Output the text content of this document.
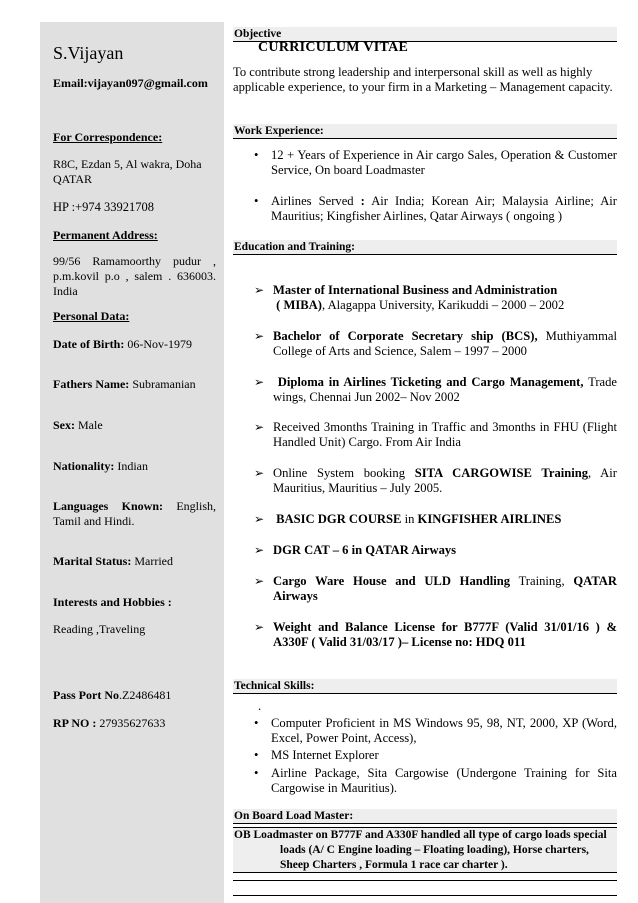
S.Vijayan
Email:vijayan097@gmail.com
For Correspondence:
R8C, Ezdan 5, Al wakra, Doha QATAR
HP :+974 33921708
Permanent Address:
99/56 Ramamoorthy pudur , p.m.kovil p.o , salem . 636003. India
Personal Data:
Date of Birth: 06-Nov-1979
Fathers Name: Subramanian
Sex: Male
Nationality: Indian
Languages Known: English, Tamil and Hindi.
Marital Status: Married
Interests and Hobbies :
Reading ,Traveling
Pass Port No.Z2486481
RP NO : 27935627633
Objective
CURRICULUM VITAE
To contribute strong leadership and interpersonal skill as well as highly applicable experience, to your firm in a Marketing – Management capacity.
Work Experience:
• 12 + Years of Experience in Air cargo Sales, Operation & Customer Service, On board Loadmaster
• Airlines Served : Air India; Korean Air; Malaysia Airline; Air Mauritius; Kingfisher Airlines, Qatar Airways ( ongoing )
Education and Training:
➢ Master of International Business and Administration
( MIBA), Alagappa University, Karikuddi – 2000 – 2002
➢ Bachelor of Corporate Secretary ship (BCS), Muthiyammal College of Arts and Science, Salem – 1997 – 2000
➢	Diploma in Airlines Ticketing and Cargo Management, Trade wings, Chennai Jun 2002– Nov 2002
➢ Received 3months Training in Traffic and 3months in FHU (Flight Handled Unit) Cargo. From Air India
➢ Online System booking SITA CARGOWISE Training, Air Mauritius, Mauritius – July 2005.
➢ BASIC DGR COURSE in KINGFISHER AIRLINES
➢ DGR CAT – 6 in QATAR Airways
➢ Cargo Ware House and ULD Handling Training, QATAR Airways
➢ Weight and Balance License for B777F (Valid 31/01/16 ) & A330F ( Valid 31/03/17 )– License no: HDQ 011
Technical Skills:
.
• Computer Proficient in MS Windows 95, 98, NT, 2000, XP (Word, Excel, Power Point, Access),
• MS Internet Explorer
• Airline Package, Sita Cargowise (Undergone Training for Sita Cargowise in Mauritius).
On Board Load Master:
OB Loadmaster on B777F and A330F handled all type of cargo loads special
loads (A/ C Engine loading – Floating loading), Horse charters,
Sheep Charters , Formula 1 race car charter ).
